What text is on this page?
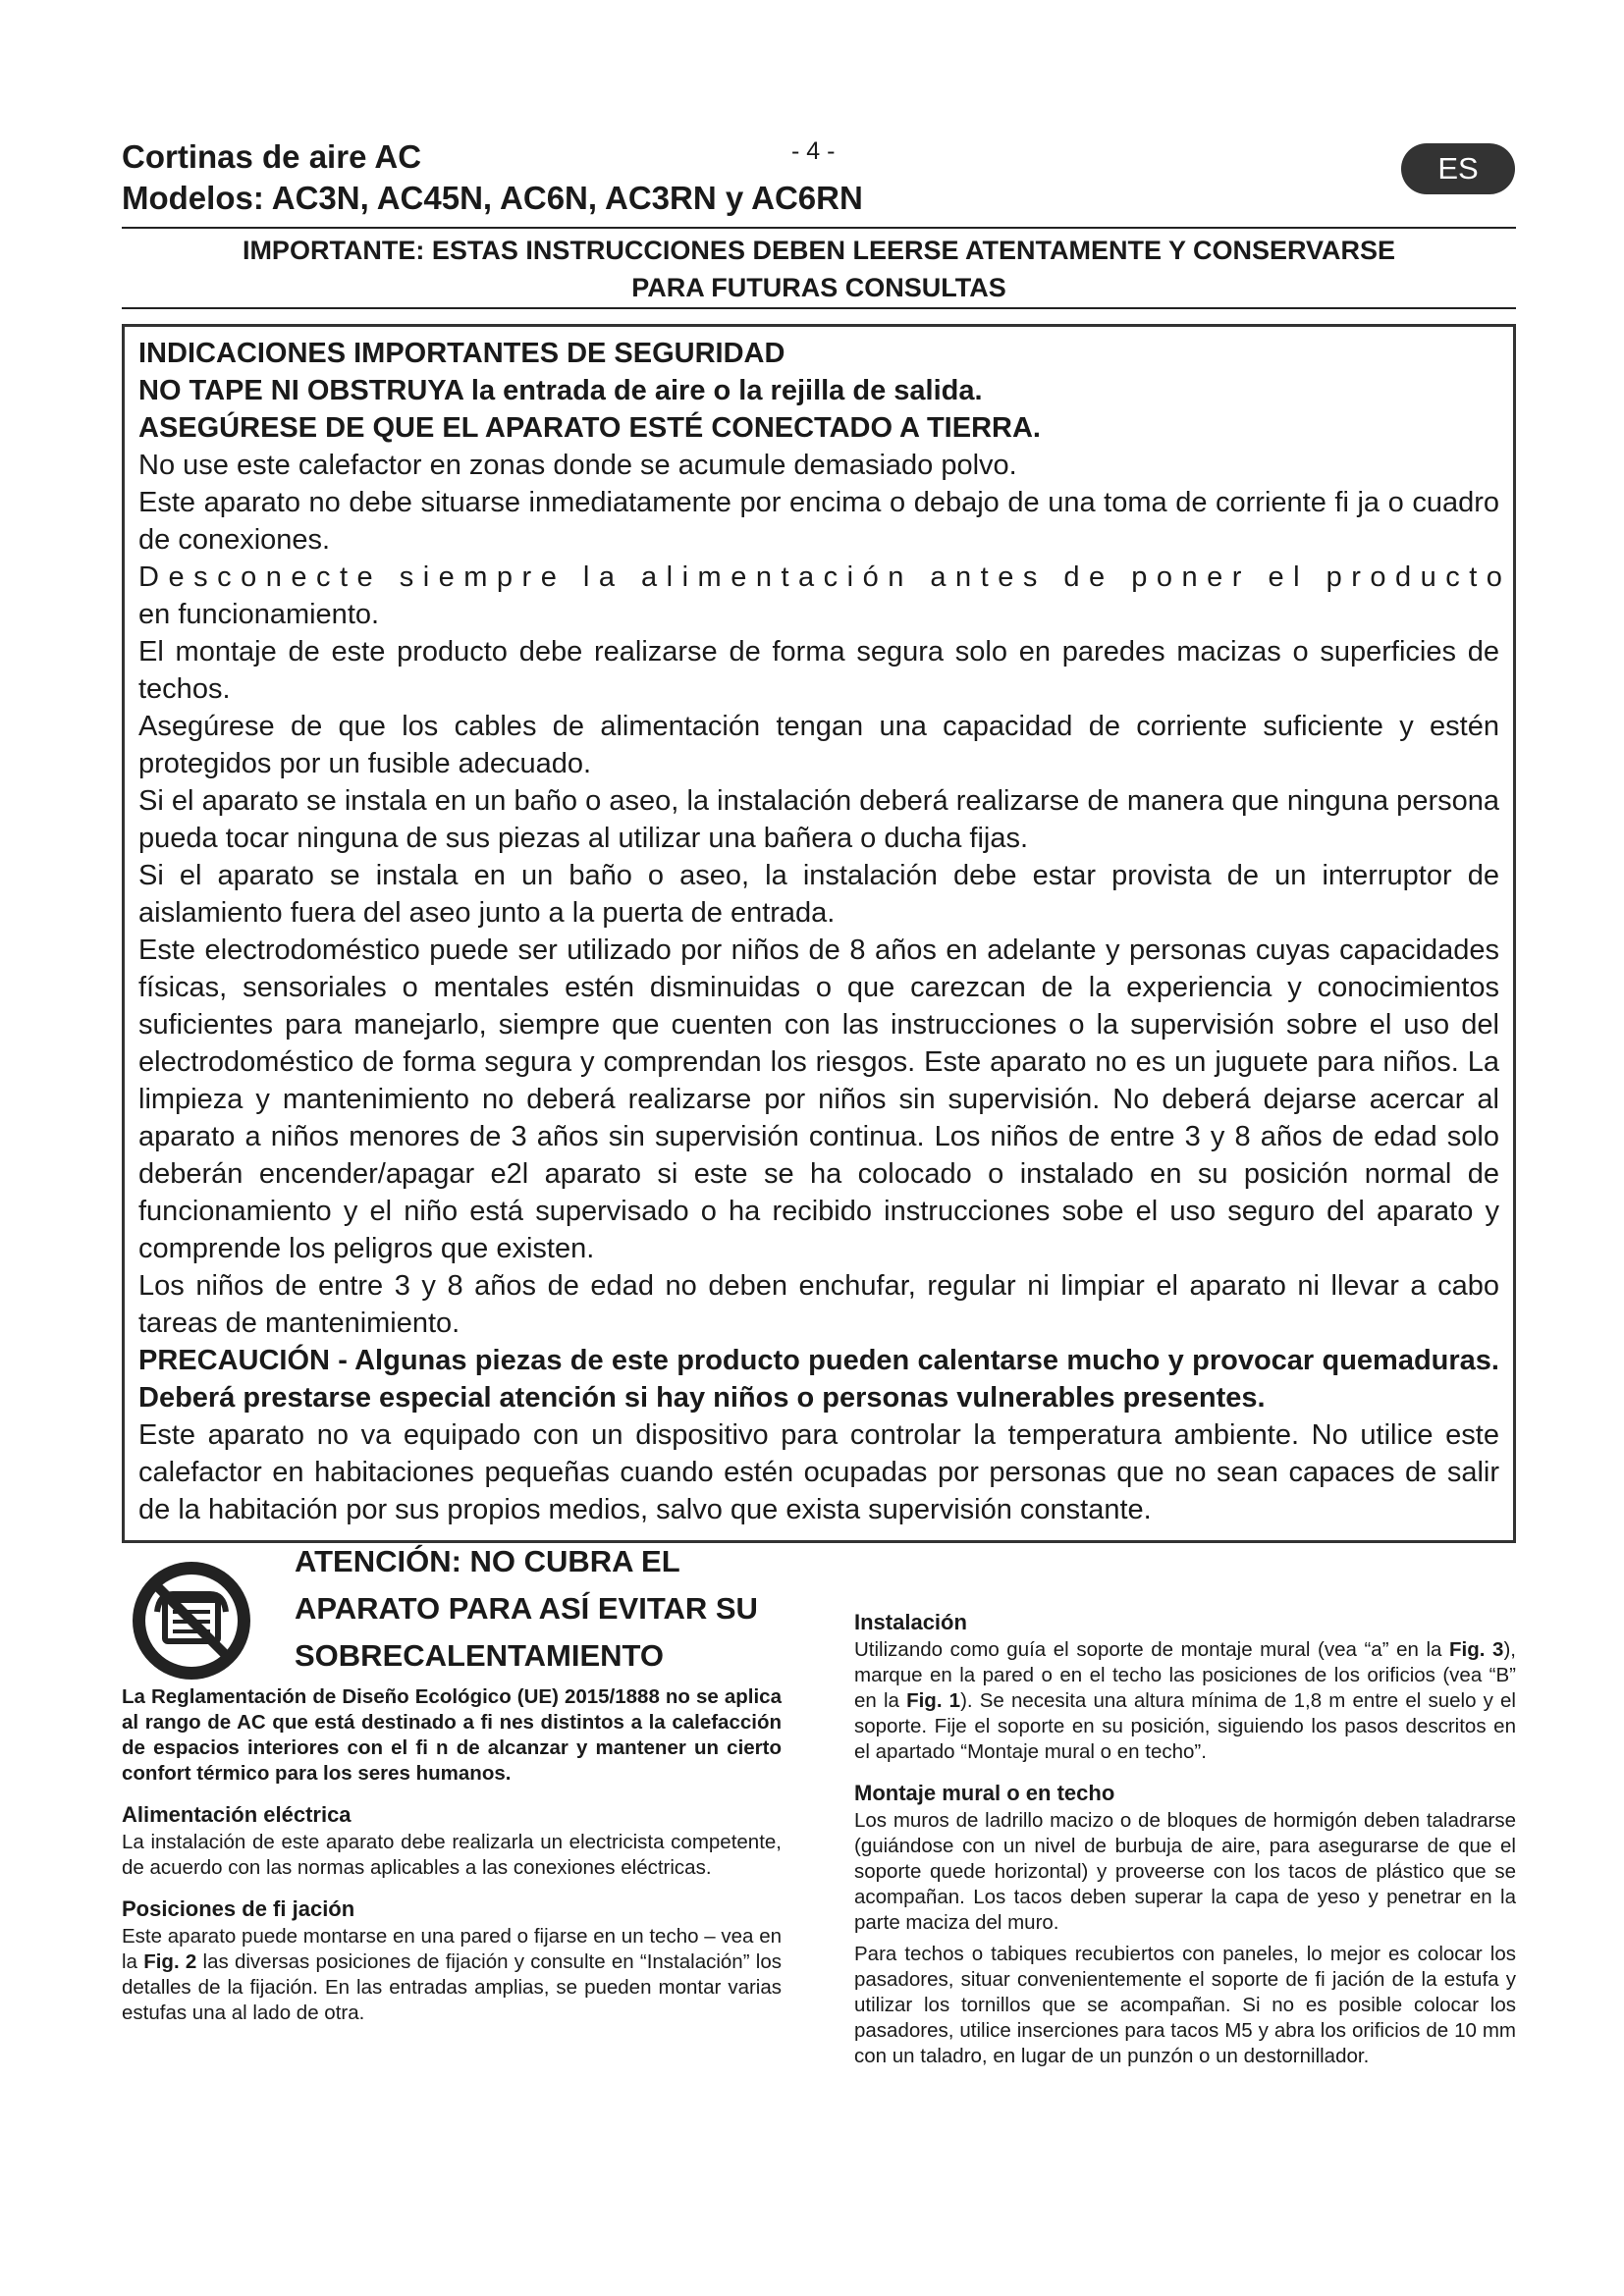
Cortinas de aire AC
Modelos: AC3N, AC45N, AC6N, AC3RN y AC6RN
- 4 -	ES
IMPORTANTE: ESTAS INSTRUCCIONES DEBEN LEERSE ATENTAMENTE Y CONSERVARSE
PARA FUTURAS CONSULTAS

INDICACIONES IMPORTANTES DE SEGURIDAD

NO TAPE NI OBSTRUYA la entrada de aire o la rejilla de salida.

ASEGÚRESE DE QUE EL APARATO ESTÉ CONECTADO A TIERRA.

No use este calefactor en zonas donde se acumule demasiado polvo.

Este aparato no debe situarse inmediatamente por encima o debajo de una toma de corriente fi ja o cuadro de conexiones.

Desconecte siempre la alimentación antes de poner el producto

en funcionamiento.

El montaje de este producto debe realizarse de forma segura solo en paredes macizas o superficies de techos.

Asegúrese de que los cables de alimentación tengan una capacidad de corriente suficiente y estén protegidos por un fusible adecuado.

Si el aparato se instala en un baño o aseo, la instalación deberá realizarse de manera que ninguna persona pueda tocar ninguna de sus piezas al utilizar una bañera o ducha fijas.

Si el aparato se instala en un baño o aseo, la instalación debe estar provista de un interruptor de aislamiento fuera del aseo junto a la puerta de entrada.

Este electrodoméstico puede ser utilizado por niños de 8 años en adelante y personas cuyas capacidades físicas, sensoriales o mentales estén disminuidas o que carezcan de la experiencia y conocimientos suficientes para manejarlo, siempre que cuenten con las instrucciones o la supervisión sobre el uso del electrodoméstico de forma segura y comprendan los riesgos. Este aparato no es un juguete para niños. La limpieza y mantenimiento no deberá realizarse por niños sin supervisión. No deberá dejarse acercar al aparato a niños menores de 3 años sin supervisión continua. Los niños de entre 3 y 8 años de edad solo deberán encender/apagar e2l aparato si este se ha colocado o instalado en su posición normal de funcionamiento y el niño está supervisado o ha recibido instrucciones sobe el uso seguro del aparato y comprende los peligros que existen.

Los niños de entre 3 y 8 años de edad no deben enchufar, regular ni limpiar el aparato ni llevar a cabo tareas de mantenimiento.

PRECAUCIÓN - Algunas piezas de este producto pueden calentarse mucho y provocar quemaduras. Deberá prestarse especial atención si hay niños o personas vulnerables presentes.

Este aparato no va equipado con un dispositivo para controlar la temperatura ambiente. No utilice este calefactor en habitaciones pequeñas cuando estén ocupadas por personas que no sean capaces de salir de la habitación por sus propios medios, salvo que exista supervisión constante.

ATENCIÓN: NO CUBRA EL
APARATO PARA ASÍ EVITAR SU
SOBRECALENTAMIENTO

La Reglamentación de Diseño Ecológico (UE) 2015/1888 no se aplica al rango de AC que está destinado a fi nes distintos a la calefacción de espacios interiores con el fi n de alcanzar y mantener un cierto confort térmico para los seres humanos.

Alimentación eléctrica

La instalación de este aparato debe realizarla un electricista competente, de acuerdo con las normas aplicables a las conexiones eléctricas.

Posiciones de fi jación

Este aparato puede montarse en una pared o fijarse en un techo – vea en la Fig. 2 las diversas posiciones de fijación y consulte en “Instalación” los detalles de la fijación. En las entradas amplias, se pueden montar varias estufas una al lado de otra.

Instalación

Utilizando como guía el soporte de montaje mural (vea “a” en la Fig. 3), marque en la pared o en el techo las posiciones de los orificios (vea “B” en la Fig. 1). Se necesita una altura mínima de 1,8 m entre el suelo y el soporte. Fije el soporte en su posición, siguiendo los pasos descritos en el apartado “Montaje mural o en techo”.

Montaje mural o en techo

Los muros de ladrillo macizo o de bloques de hormigón deben taladrarse (guiándose con un nivel de burbuja de aire, para asegurarse de que el soporte quede horizontal) y proveerse con los tacos de plástico que se acompañan. Los tacos deben superar la capa de yeso y penetrar en la parte maciza del muro.

Para techos o tabiques recubiertos con paneles, lo mejor es colocar los pasadores, situar convenientemente el soporte de fi jación de la estufa y utilizar los tornillos que se acompañan. Si no es posible colocar los pasadores, utilice inserciones para tacos M5 y abra los orificios de 10 mm con un taladro, en lugar de un punzón o un destornillador.
